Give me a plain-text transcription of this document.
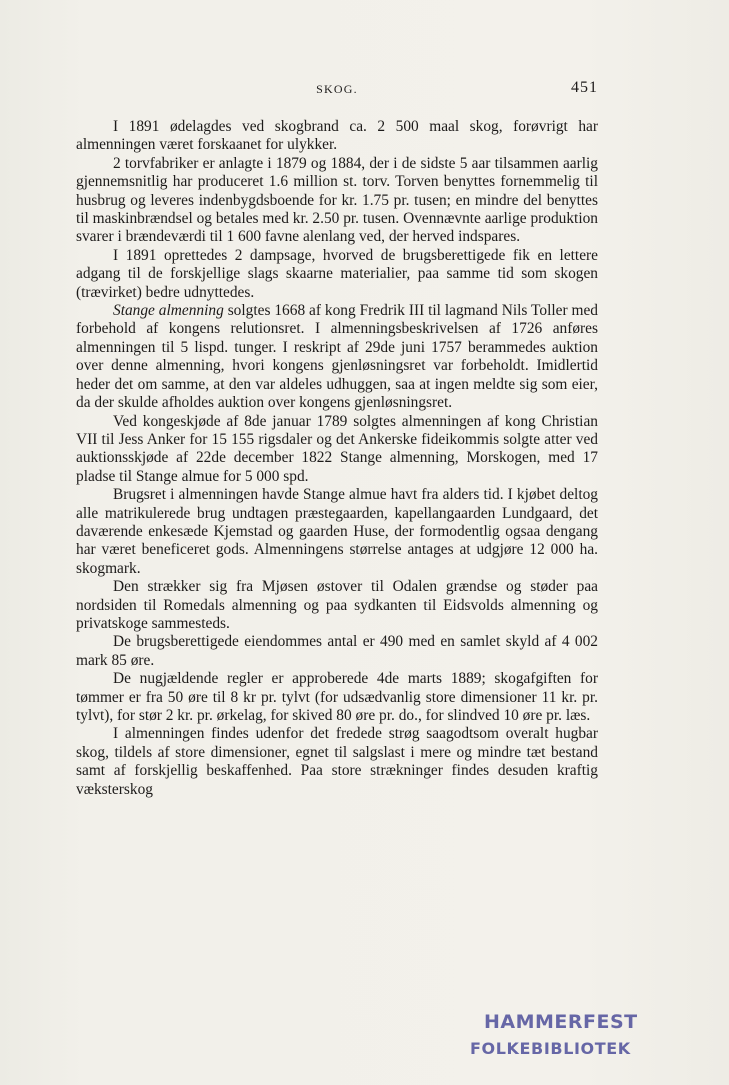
SKOG.	451

I 1891 ødelagdes ved skogbrand ca. 2 500 maal skog, forøvrigt har almenningen været forskaanet for ulykker.

2 torvfabriker er anlagte i 1879 og 1884, der i de sidste 5 aar tilsammen aarlig gjennemsnitlig har produceret 1.6 million st. torv. Torven benyttes fornemmelig til husbrug og leveres indenbygdsboende for kr. 1.75 pr. tusen; en mindre del benyttes til maskinbrændsel og betales med kr. 2.50 pr. tusen. Ovennævnte aarlige produktion svarer i brændeværdi til 1 600 favne alenlang ved, der herved indspares.

I 1891 oprettedes 2 dampsage, hvorved de brugsberettigede fik en lettere adgang til de forskjellige slags skaarne materialier, paa samme tid som skogen (trævirket) bedre udnyttedes.

Stange almenning solgtes 1668 af kong Fredrik III til lagmand Nils Toller med forbehold af kongens relutionsret. I almenningsbeskrivelsen af 1726 anføres almenningen til 5 lispd. tunger. I reskript af 29de juni 1757 berammedes auktion over denne almenning, hvori kongens gjenløsningsret var forbeholdt. Imidlertid heder det om samme, at den var aldeles udhuggen, saa at ingen meldte sig som eier, da der skulde afholdes auktion over kongens gjenløsningsret.

Ved kongeskjøde af 8de januar 1789 solgtes almenningen af kong Christian VII til Jess Anker for 15 155 rigsdaler og det Ankerske fideikommis solgte atter ved auktionsskjøde af 22de december 1822 Stange almenning, Morskogen, med 17 pladse til Stange almue for 5 000 spd.

Brugsret i almenningen havde Stange almue havt fra alders tid. I kjøbet deltog alle matrikulerede brug undtagen præstegaarden, kapellangaarden Lundgaard, det daværende enkesæde Kjemstad og gaarden Huse, der formodentlig ogsaa dengang har været beneficeret gods. Almenningens størrelse antages at udgjøre 12 000 ha. skogmark.

Den strækker sig fra Mjøsen østover til Odalen grændse og støder paa nordsiden til Romedals almenning og paa sydkanten til Eidsvolds almenning og privatskoge sammesteds.

De brugsberettigede eiendommes antal er 490 med en samlet skyld af 4 002 mark 85 øre.

De nugjældende regler er approberede 4de marts 1889; skogafgiften for tømmer er fra 50 øre til 8 kr pr. tylvt (for udsædvanlig store dimensioner 11 kr. pr. tylvt), for stør 2 kr. pr. ørkelag, for skived 80 øre pr. do., for slindved 10 øre pr. læs.

I almenningen findes udenfor det fredede strøg saagodtsom overalt hugbar skog, tildels af store dimensioner, egnet til salgslast i mere og mindre tæt bestand samt af forskjellig beskaffenhed. Paa store strækninger findes desuden kraftig væksterskog

HAMMERFEST
FOLKEBIBLIOTEK
